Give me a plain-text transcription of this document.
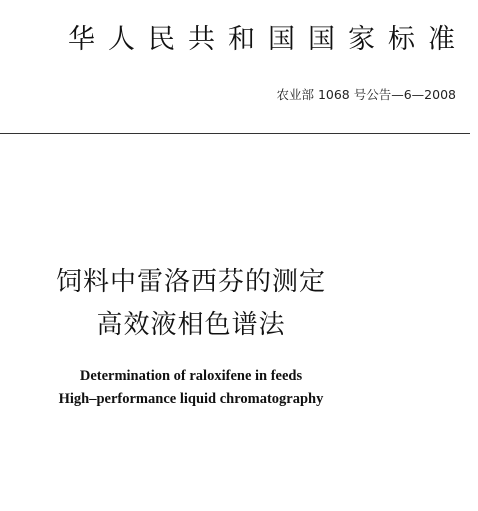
华人民共和国国家标准
农业部 1068 号公告—6—2008
饲料中雷洛西芬的测定
高效液相色谱法
Determination of raloxifene in feeds
High–performance liquid chromatography
